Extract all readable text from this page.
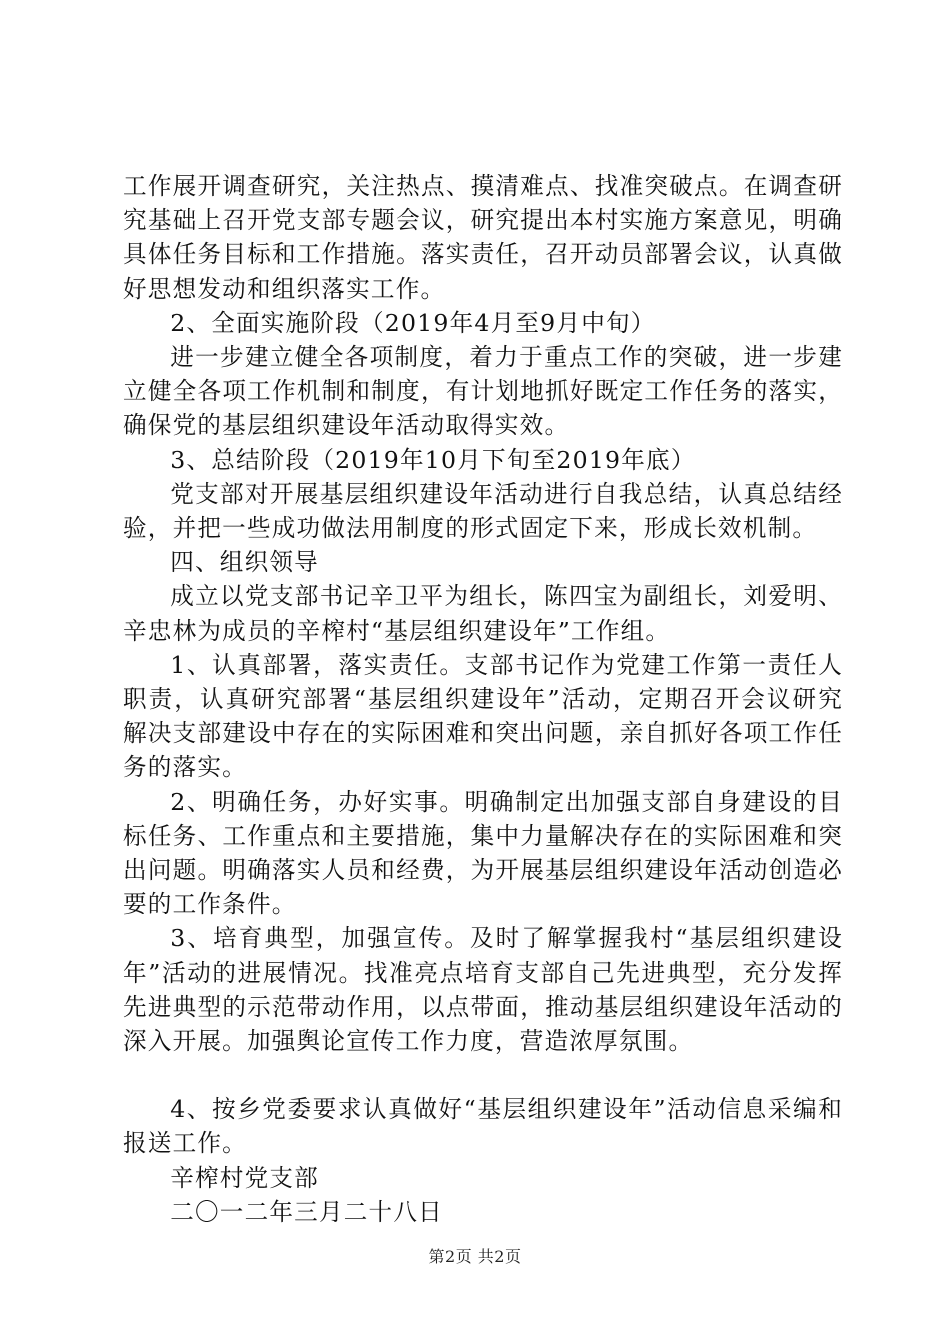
工作展开调查研究，关注热点、摸清难点、找准突破点。在调查研究基础上召开党支部专题会议，研究提出本村实施方案意见，明确具体任务目标和工作措施。落实责任，召开动员部署会议，认真做好思想发动和组织落实工作。

2、全面实施阶段（2019年4月至9月中旬）

进一步建立健全各项制度，着力于重点工作的突破，进一步建立健全各项工作机制和制度，有计划地抓好既定工作任务的落实，确保党的基层组织建设年活动取得实效。

3、总结阶段（2019年10月下旬至2019年底）

党支部对开展基层组织建设年活动进行自我总结，认真总结经验，并把一些成功做法用制度的形式固定下来，形成长效机制。

四、组织领导

成立以党支部书记辛卫平为组长，陈四宝为副组长，刘爱明、辛忠林为成员的辛榨村“基层组织建设年”工作组。

1、认真部署，落实责任。支部书记作为党建工作第一责任人职责，认真研究部署“基层组织建设年”活动，定期召开会议研究解决支部建设中存在的实际困难和突出问题，亲自抓好各项工作任务的落实。

2、明确任务，办好实事。明确制定出加强支部自身建设的目标任务、工作重点和主要措施，集中力量解决存在的实际困难和突出问题。明确落实人员和经费，为开展基层组织建设年活动创造必要的工作条件。

3、培育典型，加强宣传。及时了解掌握我村“基层组织建设年”活动的进展情况。找准亮点培育支部自己先进典型，充分发挥先进典型的示范带动作用，以点带面，推动基层组织建设年活动的深入开展。加强舆论宣传工作力度，营造浓厚氛围。

4、按乡党委要求认真做好“基层组织建设年”活动信息采编和报送工作。

辛榨村党支部

二〇一二年三月二十八日

第2页 共2页
